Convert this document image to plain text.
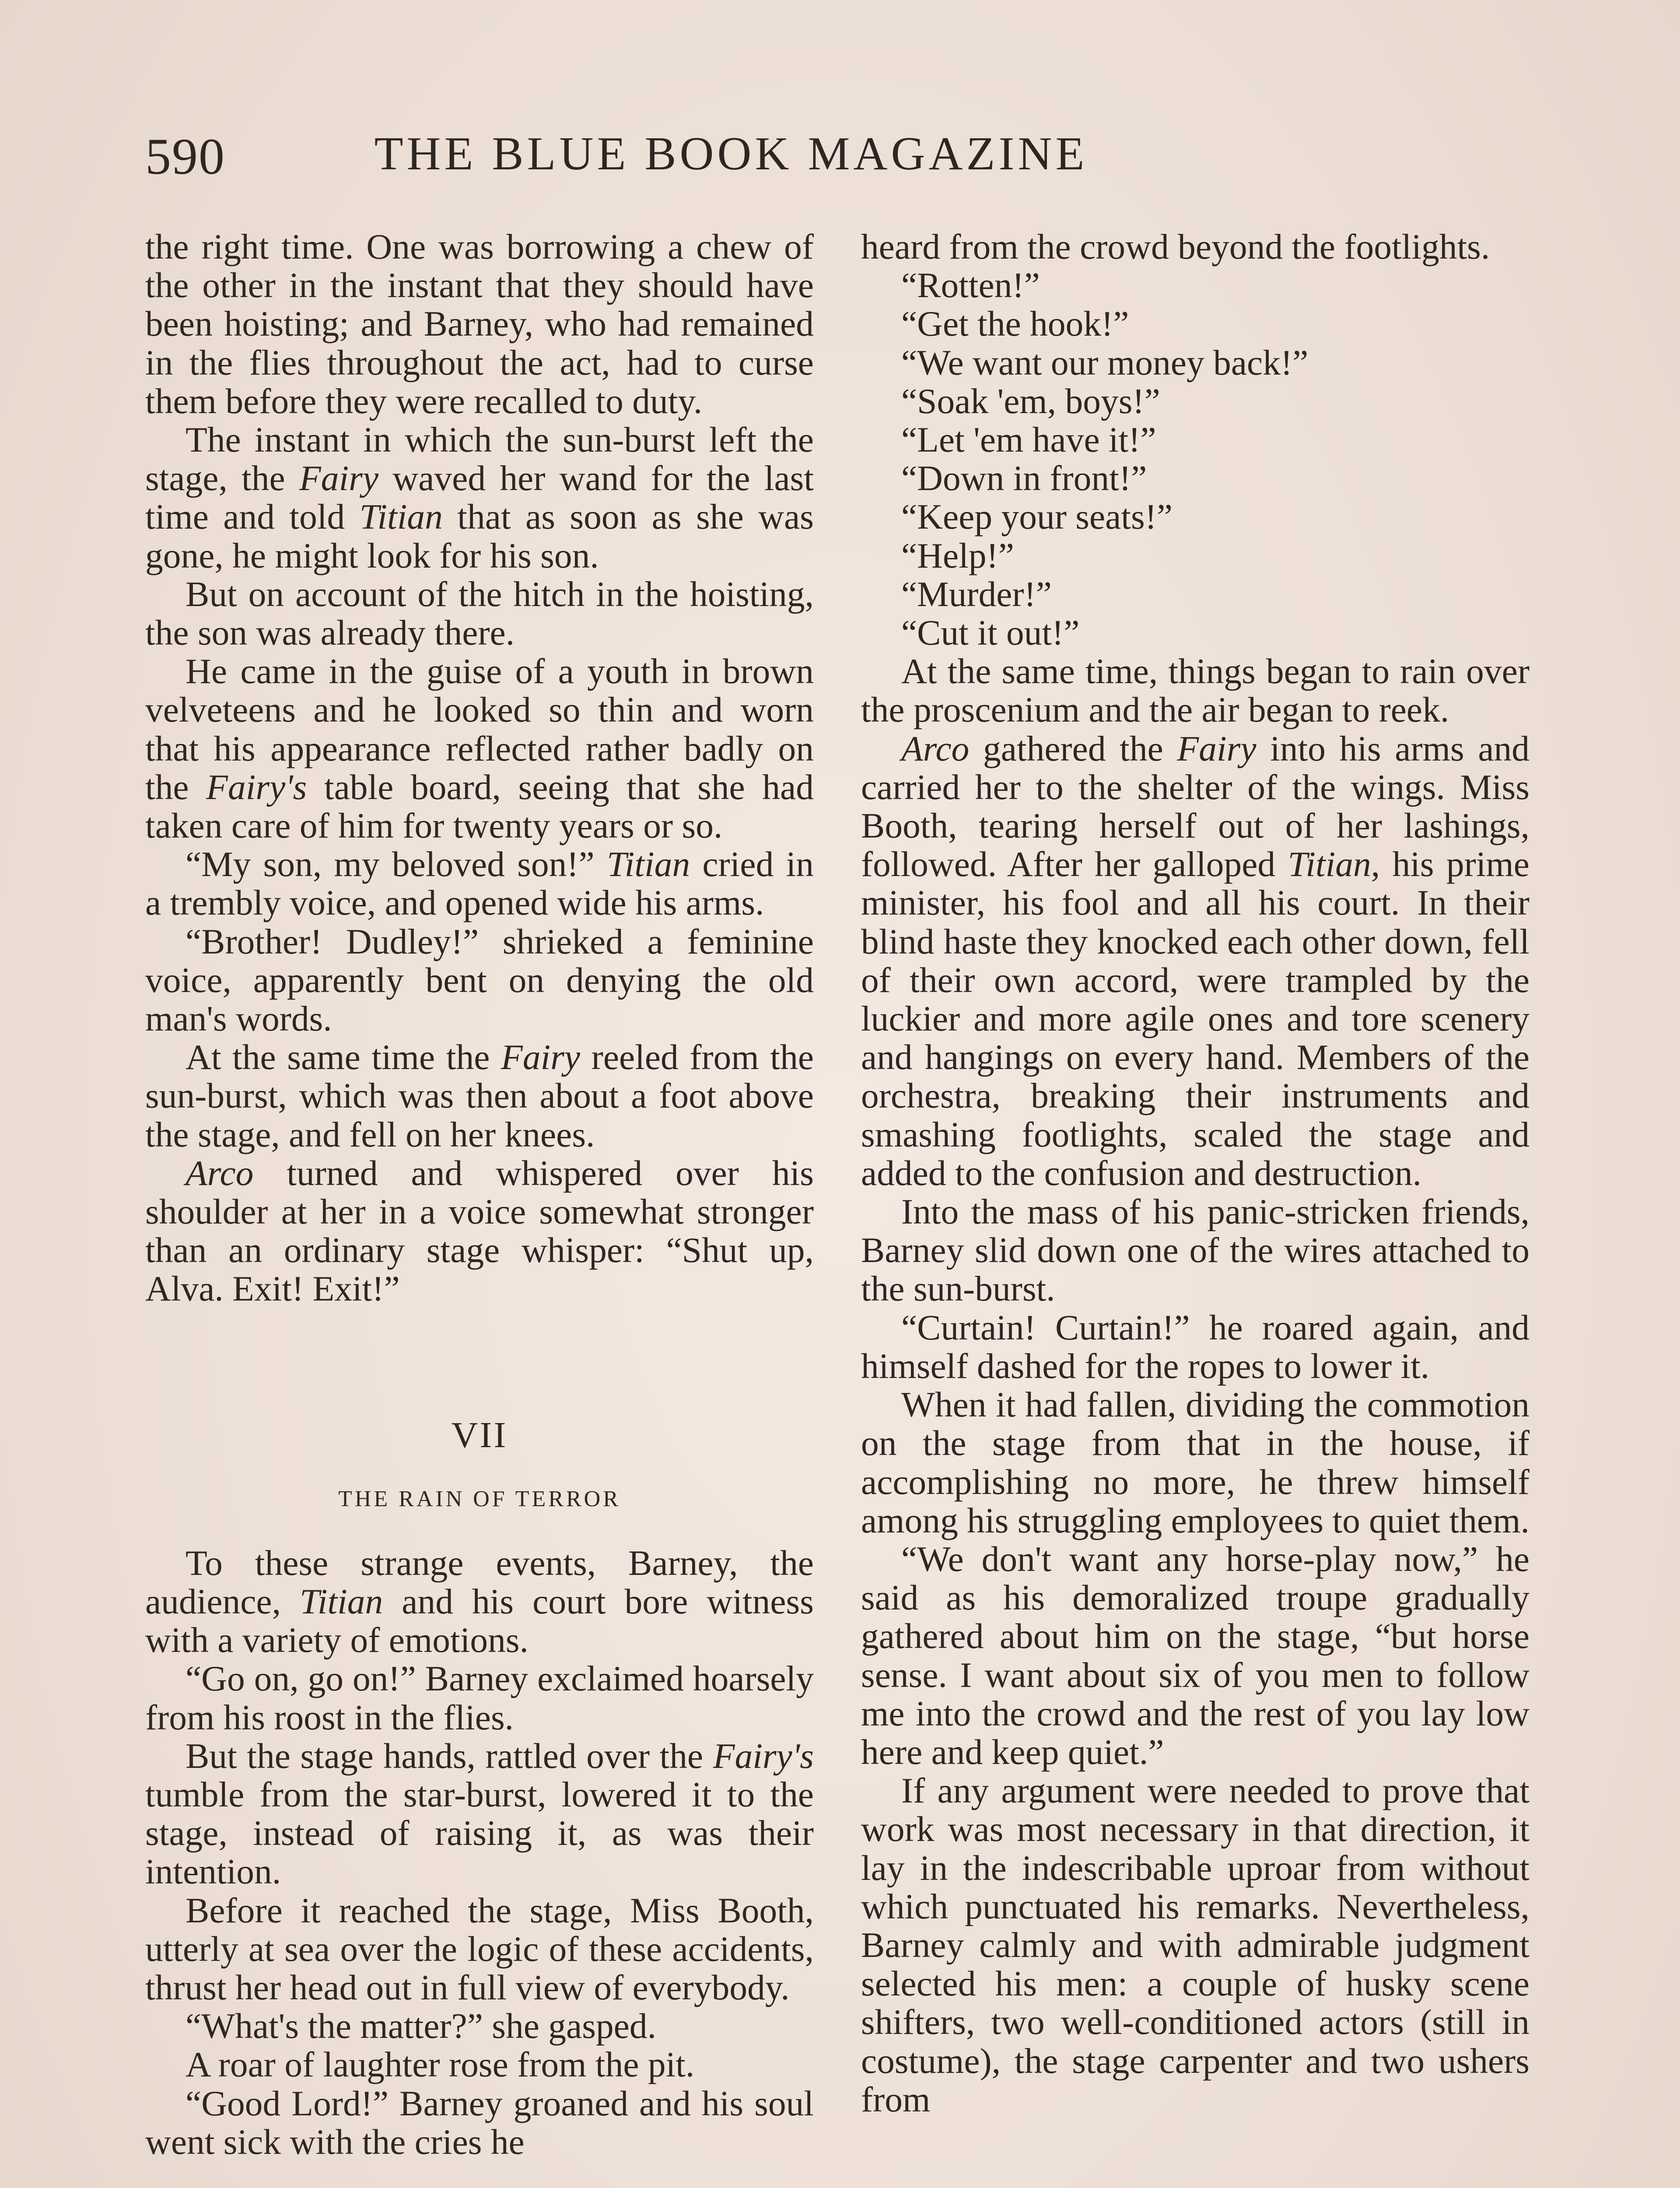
590	THE BLUE BOOK MAGAZINE

the right time. One was borrowing a chew of the other in the instant that they should have been hoisting; and Barney, who had remained in the flies throughout the act, had to curse them before they were recalled to duty.

The instant in which the sun-burst left the stage, the Fairy waved her wand for the last time and told Titian that as soon as she was gone, he might look for his son.

But on account of the hitch in the hoisting, the son was already there.

He came in the guise of a youth in brown velveteens and he looked so thin and worn that his appearance reflected rather badly on the Fairy's table board, seeing that she had taken care of him for twenty years or so.

“My son, my beloved son!” Titian cried in a trembly voice, and opened wide his arms.

“Brother! Dudley!” shrieked a feminine voice, apparently bent on denying the old man's words.

At the same time the Fairy reeled from the sun-burst, which was then about a foot above the stage, and fell on her knees.

Arco turned and whispered over his shoulder at her in a voice somewhat stronger than an ordinary stage whisper: “Shut up, Alva. Exit! Exit!”

VII
THE RAIN OF TERROR

To these strange events, Barney, the audience, Titian and his court bore witness with a variety of emotions.

“Go on, go on!” Barney exclaimed hoarsely from his roost in the flies.

But the stage hands, rattled over the Fairy's tumble from the star-burst, lowered it to the stage, instead of raising it, as was their intention.

Before it reached the stage, Miss Booth, utterly at sea over the logic of these accidents, thrust her head out in full view of everybody.

“What's the matter?” she gasped.

A roar of laughter rose from the pit.

“Good Lord!” Barney groaned and his soul went sick with the cries he

heard from the crowd beyond the footlights.

“Rotten!”

“Get the hook!”

“We want our money back!”

“Soak 'em, boys!”

“Let 'em have it!”

“Down in front!”

“Keep your seats!”

“Help!”

“Murder!”

“Cut it out!”

At the same time, things began to rain over the proscenium and the air began to reek.

Arco gathered the Fairy into his arms and carried her to the shelter of the wings. Miss Booth, tearing herself out of her lashings, followed. After her galloped Titian, his prime minister, his fool and all his court. In their blind haste they knocked each other down, fell of their own accord, were trampled by the luckier and more agile ones and tore scenery and hangings on every hand. Members of the orchestra, breaking their instruments and smashing footlights, scaled the stage and added to the confusion and destruction.

Into the mass of his panic-stricken friends, Barney slid down one of the wires attached to the sun-burst.

“Curtain! Curtain!” he roared again, and himself dashed for the ropes to lower it.

When it had fallen, dividing the commotion on the stage from that in the house, if accomplishing no more, he threw himself among his struggling employees to quiet them.

“We don't want any horse-play now,” he said as his demoralized troupe gradually gathered about him on the stage, “but horse sense. I want about six of you men to follow me into the crowd and the rest of you lay low here and keep quiet.”

If any argument were needed to prove that work was most necessary in that direction, it lay in the indescribable uproar from without which punctuated his remarks. Nevertheless, Barney calmly and with admirable judgment selected his men: a couple of husky scene shifters, two well-conditioned actors (still in costume), the stage carpenter and two ushers from
